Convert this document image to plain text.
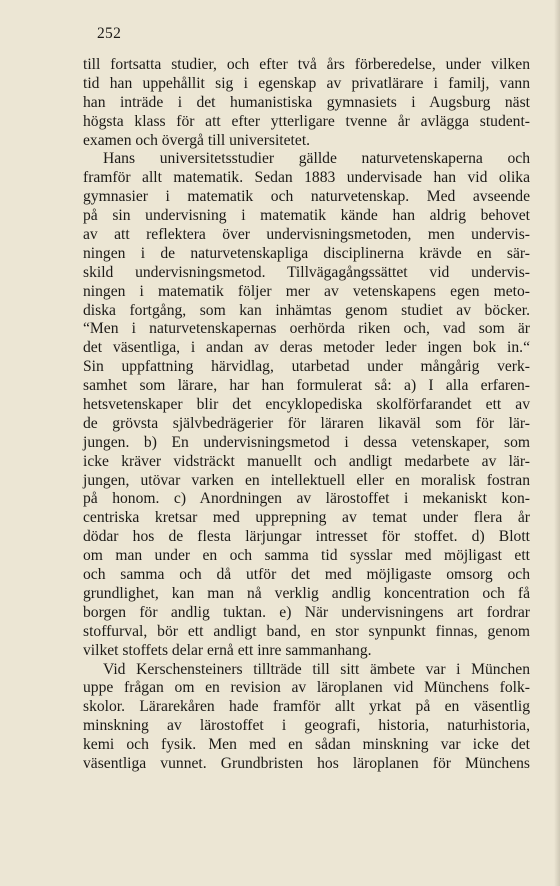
252
till fortsatta studier, och efter två års förberedelse, under vilken
tid han uppehållit sig i egenskap av privatlärare i familj, vann
han inträde i det humanistiska gymnasiets i Augsburg näst
högsta klass för att efter ytterligare tvenne år avlägga student-
examen och övergå till universitetet.
Hans universitetsstudier gällde naturvetenskaperna och
framför allt matematik. Sedan 1883 undervisade han vid olika
gymnasier i matematik och naturvetenskap. Med avseende
på sin undervisning i matematik kände han aldrig behovet
av att reflektera över undervisningsmetoden, men undervis-
ningen i de naturvetenskapliga disciplinerna krävde en sär-
skild undervisningsmetod. Tillvägagångssättet vid undervis-
ningen i matematik följer mer av vetenskapens egen meto-
diska fortgång, som kan inhämtas genom studiet av böcker.
“Men i naturvetenskapernas oerhörda riken och, vad som är
det väsentliga, i andan av deras metoder leder ingen bok in.“
Sin uppfattning härvidlag, utarbetad under mångårig verk-
samhet som lärare, har han formulerat så: a) I alla erfaren-
hetsvetenskaper blir det encyklopediska skolförfarandet ett av
de grövsta självbedrägerier för läraren likaväl som för lär-
jungen. b) En undervisningsmetod i dessa vetenskaper, som
icke kräver vidsträckt manuellt och andligt medarbete av lär-
jungen, utövar varken en intellektuell eller en moralisk fostran
på honom. c) Anordningen av lärostoffet i mekaniskt kon-
centriska kretsar med upprepning av temat under flera år
dödar hos de flesta lärjungar intresset för stoffet. d) Blott
om man under en och samma tid sysslar med möjligast ett
och samma och då utför det med möjligaste omsorg och
grundlighet, kan man nå verklig andlig koncentration och få
borgen för andlig tuktan. e) När undervisningens art fordrar
stoffurval, bör ett andligt band, en stor synpunkt finnas, genom
vilket stoffets delar ernå ett inre sammanhang.
Vid Kerschensteiners tillträde till sitt ämbete var i München
uppe frågan om en revision av läroplanen vid Münchens folk-
skolor. Lärarekåren hade framför allt yrkat på en väsentlig
minskning av lärostoffet i geografi, historia, naturhistoria,
kemi och fysik. Men med en sådan minskning var icke det
väsentliga vunnet. Grundbristen hos läroplanen för Münchens
